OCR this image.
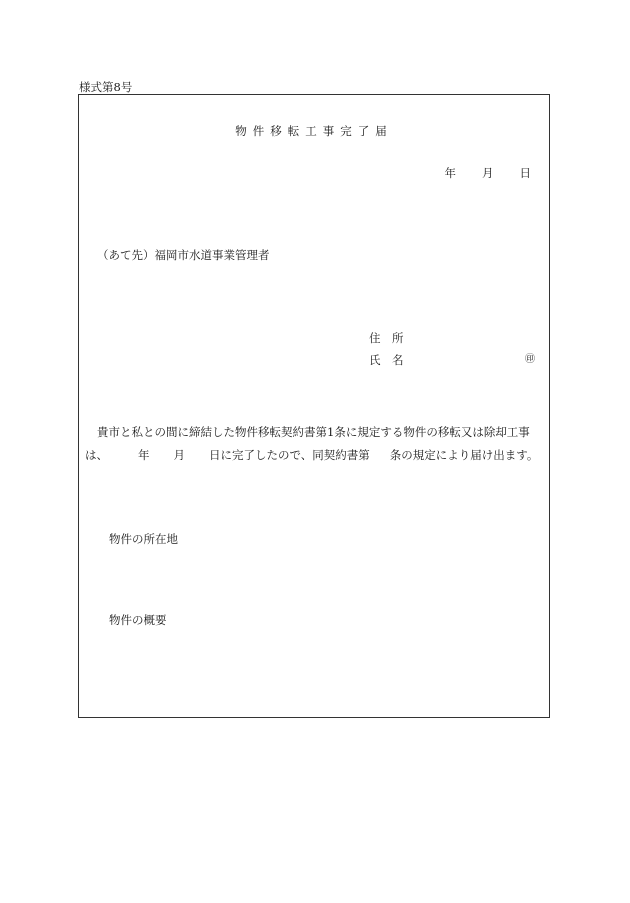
様式第8号
物件移転工事完了届
年 月 日
（あて先）福岡市水道事業管理者
住　所
氏　名	㊞
貴市と私との間に締結した物件移転契約書第1条に規定する物件の移転又は除却工事
は、	年 月 日に完了したので、同契約書第 条の規定により届け出ます。
物件の所在地
物件の概要
